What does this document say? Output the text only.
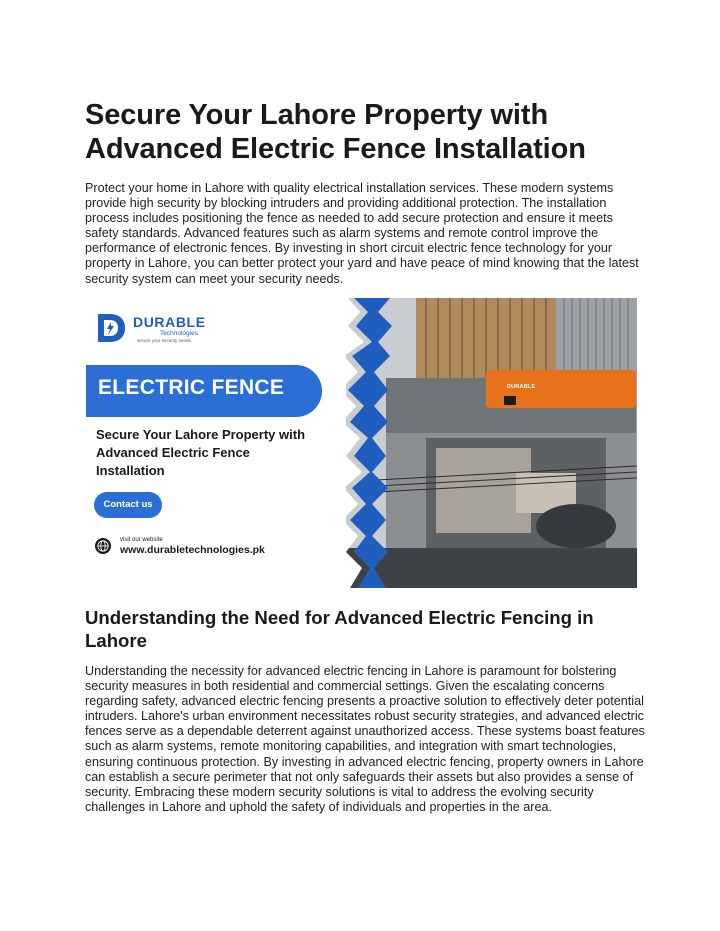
Secure Your Lahore Property with Advanced Electric Fence Installation

Protect your home in Lahore with quality electrical installation services. These modern systems provide high security by blocking intruders and providing additional protection. The installation process includes positioning the fence as needed to add secure protection and ensure it meets safety standards. Advanced features such as alarm systems and remote control improve the performance of electronic fences. By investing in short circuit electric fence technology for your property in Lahore, you can better protect your yard and have peace of mind knowing that the latest security system can meet your security needs.

DURABLE
Technologies
secure your security needs
ELECTRIC FENCE
Secure Your Lahore Property with Advanced Electric Fence Installation
Contact us
visit our website
www.durabletechnologies.pk
DURABLE
Understanding the Need for Advanced Electric Fencing in Lahore

Understanding the necessity for advanced electric fencing in Lahore is paramount for bolstering security measures in both residential and commercial settings. Given the escalating concerns regarding safety, advanced electric fencing presents a proactive solution to effectively deter potential intruders. Lahore's urban environment necessitates robust security strategies, and advanced electric fences serve as a dependable deterrent against unauthorized access. These systems boast features such as alarm systems, remote monitoring capabilities, and integration with smart technologies, ensuring continuous protection. By investing in advanced electric fencing, property owners in Lahore can establish a secure perimeter that not only safeguards their assets but also provides a sense of security. Embracing these modern security solutions is vital to address the evolving security challenges in Lahore and uphold the safety of individuals and properties in the area.
